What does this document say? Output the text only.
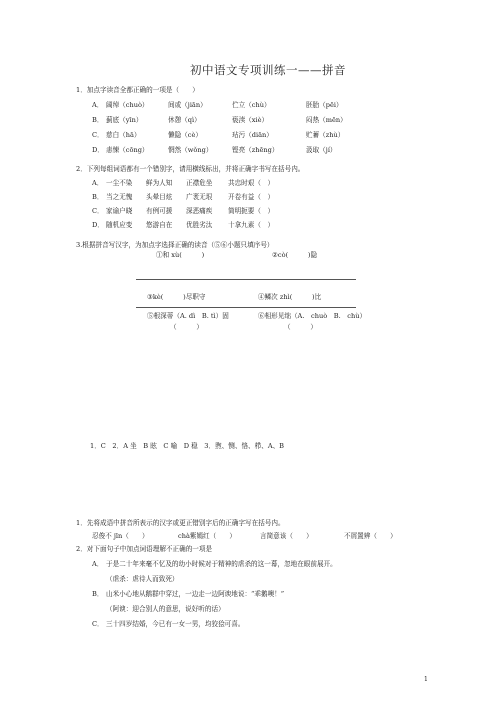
初中语文专项训练一——拼音
1．加点字读音全都正确的一项是（　　）
A． 阔绰（chuò）	间或（jiān）	伫立（chù）	胚胎（pēi）
B． 蓟底（yīn）	休憩（qì）	亵渎（xiè）	闷热（mēn）
C． 慈白（hā）	懒隐（cè）	玷污（diān）	贮蓄（zhù）
D． 恚悚（cōng）	惘然（wǒng）	铿亮（zhēng）	汲取（jí）
2．下列每组词语都有一个错别字，请用横线标出，并将正确字书写在括号内。
A． 一尘不染 鲜为人知 正襟危坐 共忠时艰（　）
B． 当之无愧 头晕目炫 广袤无垠 开卷有益（　）
C． 家谕户晓 有例可援 深恶痛疾 简明扼要（　）
D． 随机应变 悠游自在 优胜劣汰 十拿九素（　）
3.根据拼音写汉字，为加点字选择正确的读音（⑤⑥小题只填序号）
①和 xù(　　　)	②cò(　　　)隐
③kè(　　　)尽职守	④鳞次 zhì(　　　)比
⑤根深蒂（A. dì　B. tì）固	⑥相形见绌（A.　chuò　B.　chù）
（　　　）	（　　　）
1．C　2．A 坐　B 眩　C 喻　D 稳　3．煦、恻、恪、栉、A、B
1．先将成语中拼音所表示的汉字或更正错别字后的正确字写在括号内。
忍俊不 jīn（　　）	chà紫嫣红（　　）	言简意该（　　）	不屑置辨（　　）
2．对下面句子中加点词语理解不正确的一项是
A． 于是二十年来毫不忆及的幼小时候对于精神的虐杀的这一幕，忽地在眼前展开。
（虐杀：虐待人而致死）
B． 山米小心地从鹅群中穿过，一边走一边阿谀地说：“乖鹅噢！”
（阿谀：迎合别人的意思，说好听的话）
C． 三十四岁结婚，今已有一女一男，均狡狯可喜。
1
